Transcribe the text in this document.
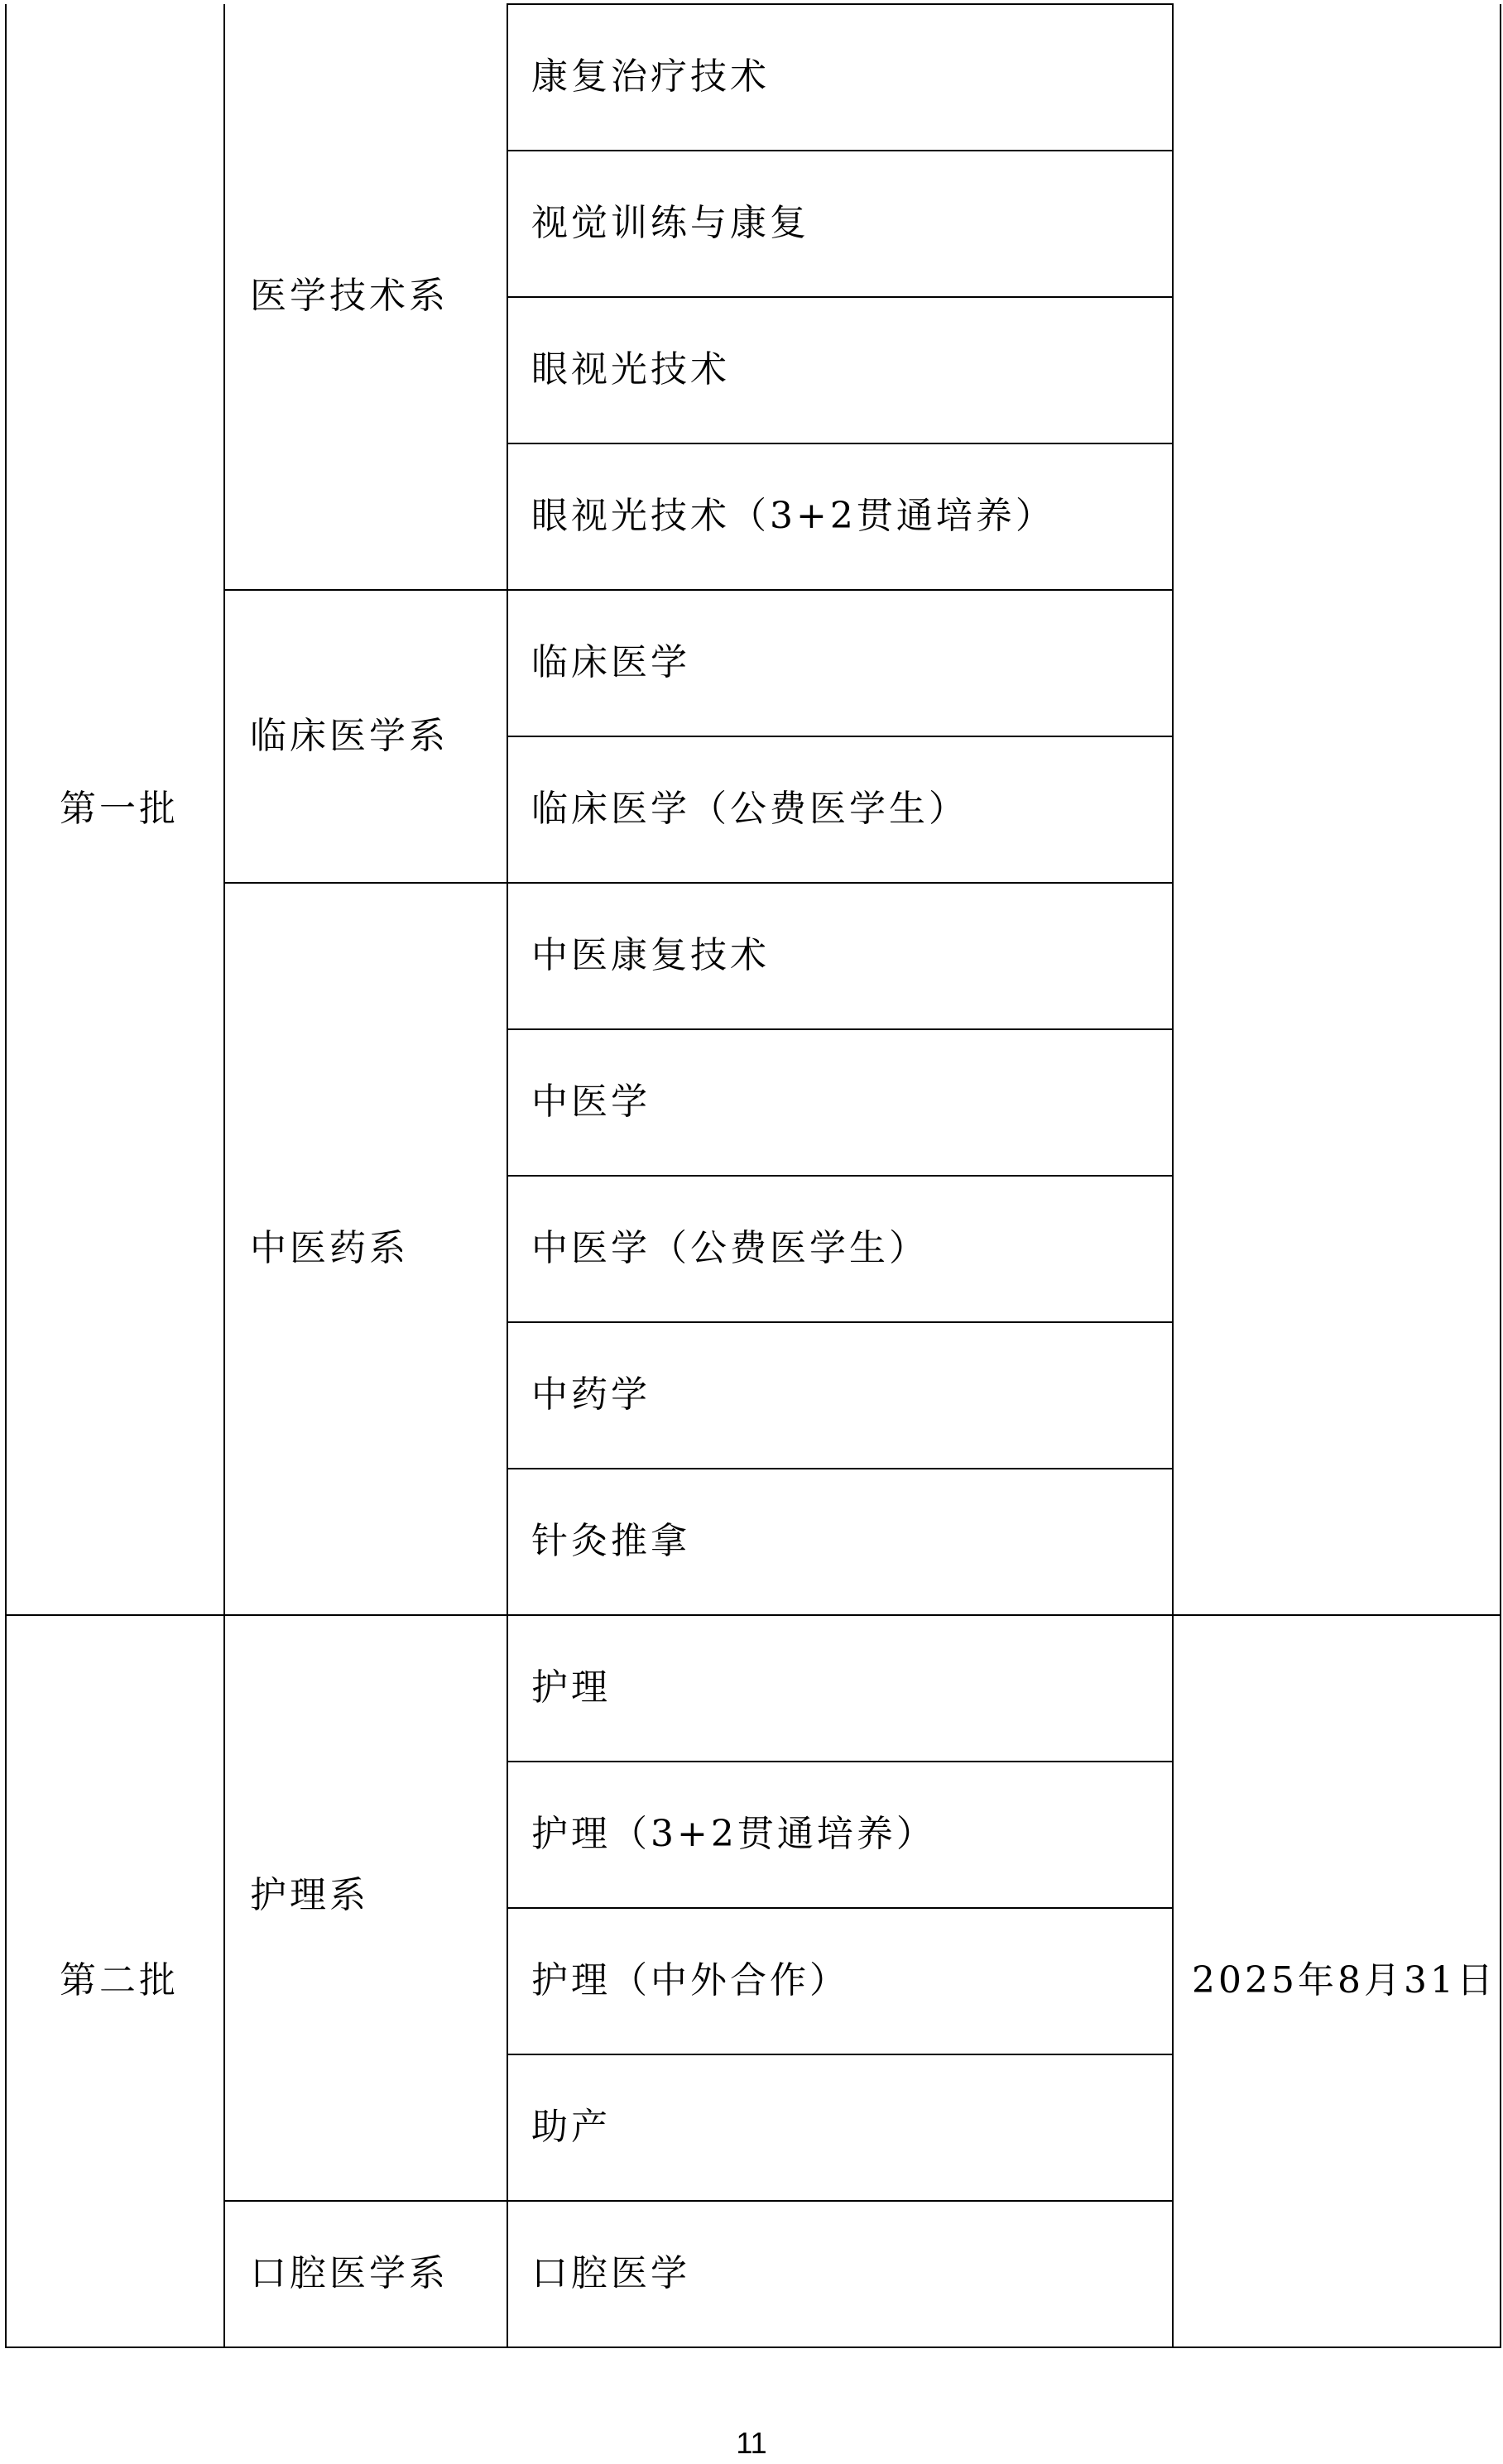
第一批	医学技术系	康复治疗技术	
		视觉训练与康复	
		眼视光技术	
		眼视光技术（3+2贯通培养）	
	临床医学系	临床医学	
		临床医学（公费医学生）	
	中医药系	中医康复技术	
		中医学	
		中医学（公费医学生）	
		中药学	
		针灸推拿	
第二批	护理系	护理	2025年8月31日
		护理（3+2贯通培养）	
		护理（中外合作）	
		助产	
	口腔医学系	口腔医学	
11
